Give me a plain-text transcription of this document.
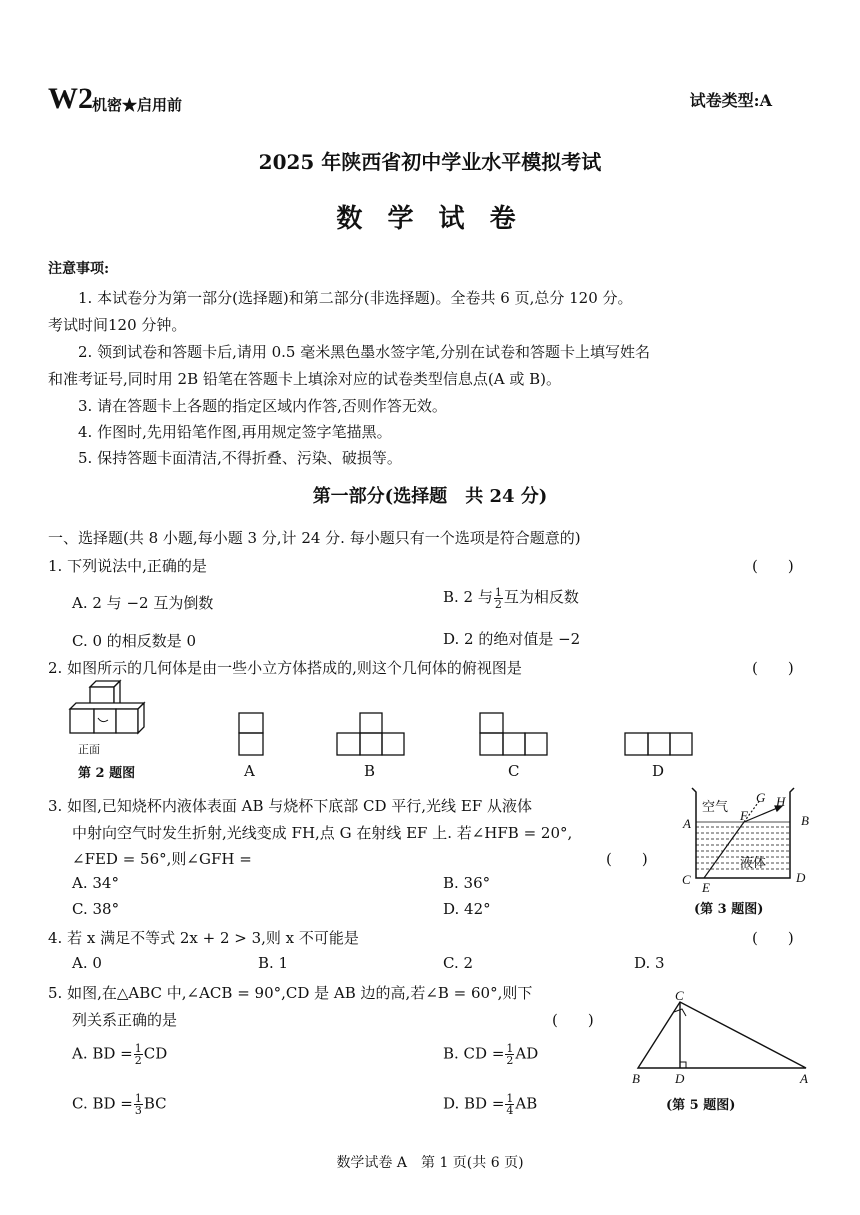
W2 机密★启用前	试卷类型:A
2025 年陕西省初中学业水平模拟考试
数 学 试 卷
注意事项:
1. 本试卷分为第一部分(选择题)和第二部分(非选择题)。全卷共 6 页,总分 120 分。
考试时间120 分钟。
2. 领到试卷和答题卡后,请用 0.5 毫米黑色墨水签字笔,分别在试卷和答题卡上填写姓名
和准考证号,同时用 2B 铅笔在答题卡上填涂对应的试卷类型信息点(A 或 B)。
3. 请在答题卡上各题的指定区域内作答,否则作答无效。
4. 作图时,先用铅笔作图,再用规定签字笔描黑。
5. 保持答题卡面清洁,不得折叠、污染、破损等。
第一部分(选择题　共 24 分)
一、选择题(共 8 小题,每小题 3 分,计 24 分. 每小题只有一个选项是符合题意的)
1. 下列说法中,正确的是	(　　)
A. 2 与 −2 互为倒数	B. 2 与 $\frac{1}{2}$ 互为相反数
C. 0 的相反数是 0	D. 2 的绝对值是 −2
2. 如图所示的几何体是由一些小立方体搭成的,则这个几何体的俯视图是	(　　)
正面
第 2 题图	A	B	C	D
3. 如图,已知烧杯内液体表面 AB 与烧杯下底部 CD 平行,光线 EF 从液体
中射向空气时发生折射,光线变成 FH,点 G 在射线 EF 上. 若∠HFB = 20°,
∠FED = 56°,则∠GFH =	(　　)
A. 34°	B. 36°
C. 38°	D. 42°
空气
液体
A	B
C	D
E
F
G H
(第 3 题图)
4. 若 x 满足不等式 2x + 2 > 3,则 x 不可能是	(　　)
A. 0	B. 1	C. 2	D. 3
5. 如图,在△ABC 中,∠ACB = 90°,CD 是 AB 边的高,若∠B = 60°,则下
列关系正确的是	(　　)
A. BD = $\frac{1}{2}$ CD	B. CD = $\frac{1}{2}$ AD
C. BD = $\frac{1}{3}$ BC	D. BD = $\frac{1}{4}$ AB
C
B	D	A
(第 5 题图)
数学试卷 A　第 1 页(共 6 页)
